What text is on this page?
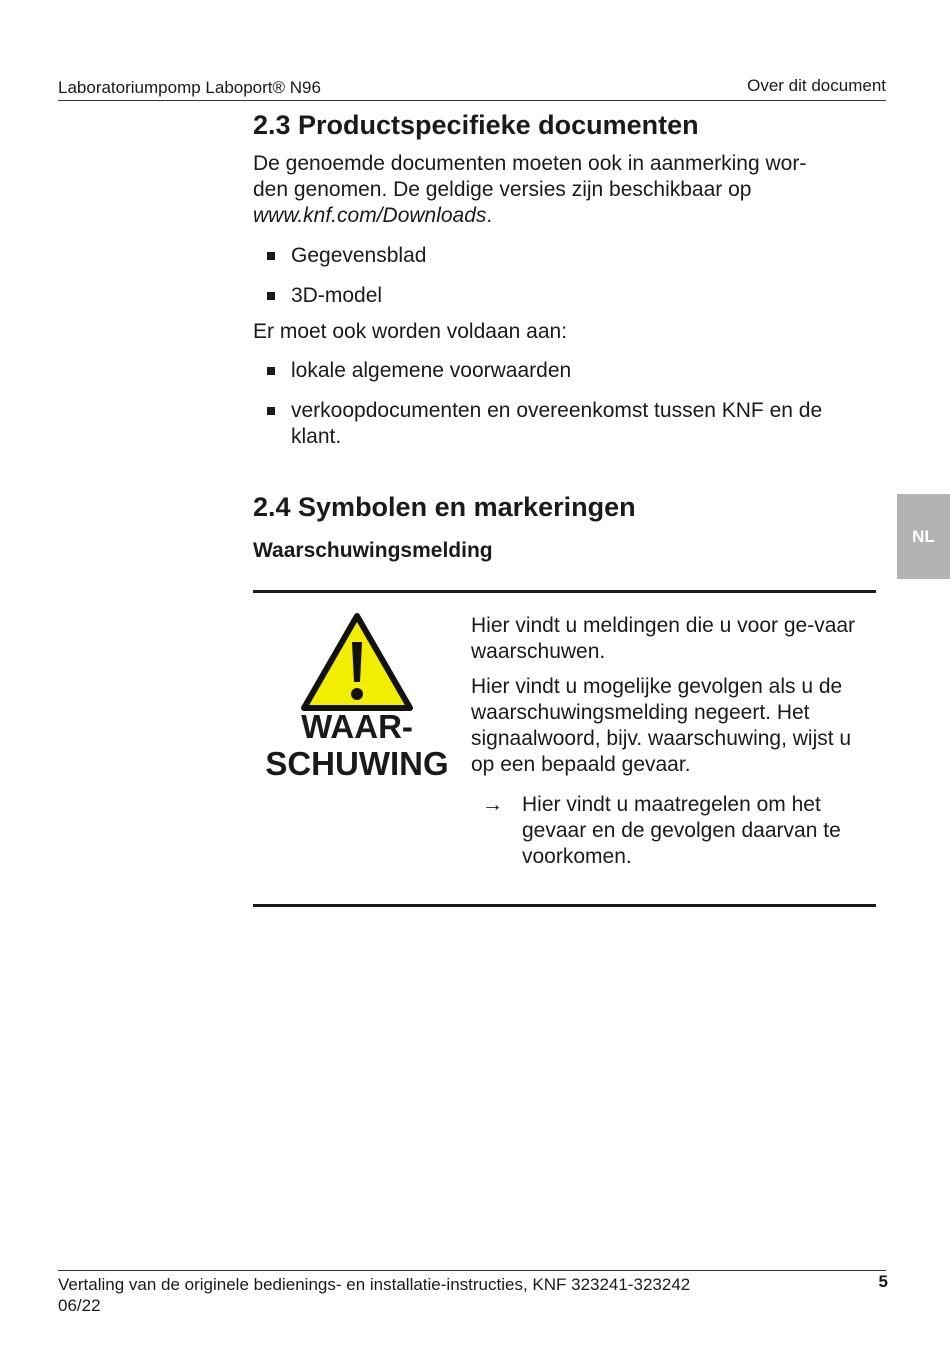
Laboratoriumpomp Laboport® N96	Over dit document
NL
2.3 Productspecifieke documenten

De genoemde documenten moeten ook in aanmerking wor-

den genomen. De geldige versies zijn beschikbaar op

www.knf.com/Downloads.

Gegevensblad
3D-model

Er moet ook worden voldaan aan:

lokale algemene voorwaarden
verkoopdocumenten en overeenkomst tussen KNF en de klant.
2.4 Symbolen en markeringen
Waarschuwingsmelding
WAAR-
SCHUWING

Hier vindt u meldingen die u voor ge-vaar waarschuwen.

Hier vindt u mogelijke gevolgen als u de waarschuwingsmelding negeert. Het signaalwoord, bijv. waarschuwing, wijst u op een bepaald gevaar.

→ Hier vindt u maatregelen om het gevaar en de gevolgen daarvan te voorkomen.
Vertaling van de originele bedienings- en installatie-instructies, KNF 323241-323242
06/22
5
